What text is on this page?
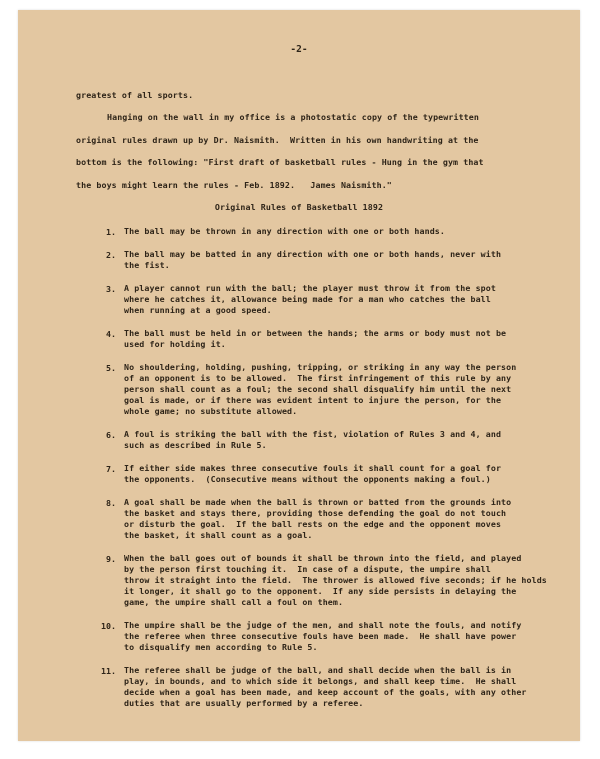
-2-
greatest of all sports.
Hanging on the wall in my office is a photostatic copy of the typewritten
original rules drawn up by Dr. Naismith.  Written in his own handwriting at the
bottom is the following: "First draft of basketball rules - Hung in the gym that
the boys might learn the rules - Feb. 1892.   James Naismith."
Original Rules of Basketball 1892
1. The ball may be thrown in any direction with one or both hands.
2. The ball may be batted in any direction with one or both hands, never with
the fist.
3. A player cannot run with the ball; the player must throw it from the spot
where he catches it, allowance being made for a man who catches the ball
when running at a good speed.
4. The ball must be held in or between the hands; the arms or body must not be
used for holding it.
5. No shouldering, holding, pushing, tripping, or striking in any way the person
of an opponent is to be allowed.  The first infringement of this rule by any
person shall count as a foul; the second shall disqualify him until the next
goal is made, or if there was evident intent to injure the person, for the
whole game; no substitute allowed.
6. A foul is striking the ball with the fist, violation of Rules 3 and 4, and
such as described in Rule 5.
7. If either side makes three consecutive fouls it shall count for a goal for
the opponents.  (Consecutive means without the opponents making a foul.)
8. A goal shall be made when the ball is thrown or batted from the grounds into
the basket and stays there, providing those defending the goal do not touch
or disturb the goal.  If the ball rests on the edge and the opponent moves
the basket, it shall count as a goal.
9. When the ball goes out of bounds it shall be thrown into the field, and played
by the person first touching it.  In case of a dispute, the umpire shall
throw it straight into the field.  The thrower is allowed five seconds; if he holds
it longer, it shall go to the opponent.  If any side persists in delaying the
game, the umpire shall call a foul on them.
10. The umpire shall be the judge of the men, and shall note the fouls, and notify
the referee when three consecutive fouls have been made.  He shall have power
to disqualify men according to Rule 5.
11. The referee shall be judge of the ball, and shall decide when the ball is in
play, in bounds, and to which side it belongs, and shall keep time.  He shall
decide when a goal has been made, and keep account of the goals, with any other
duties that are usually performed by a referee.
